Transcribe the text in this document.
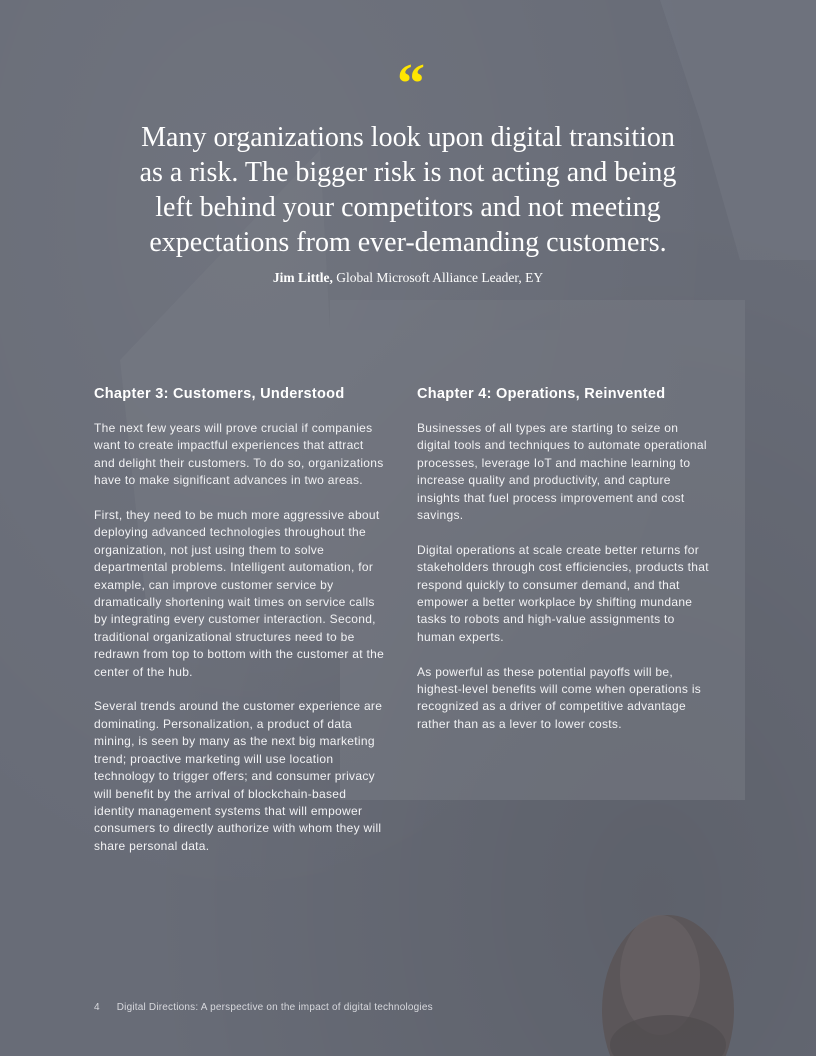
“
Many organizations look upon digital transition as a risk. The bigger risk is not acting and being left behind your competitors and not meeting expectations from ever-demanding customers.
Jim Little, Global Microsoft Alliance Leader, EY
Chapter 3: Customers, Understood

The next few years will prove crucial if companies want to create impactful experiences that attract and delight their customers. To do so, organizations have to make significant advances in two areas.

First, they need to be much more aggressive about deploying advanced technologies throughout the organization, not just using them to solve departmental problems. Intelligent automation, for example, can improve customer service by dramatically shortening wait times on service calls by integrating every customer interaction. Second, traditional organizational structures need to be redrawn from top to bottom with the customer at the center of the hub.

Several trends around the customer experience are dominating. Personalization, a product of data mining, is seen by many as the next big marketing trend; proactive marketing will use location technology to trigger offers; and consumer privacy will benefit by the arrival of blockchain-based identity management systems that will empower consumers to directly authorize with whom they will share personal data.

Chapter 4: Operations, Reinvented

Businesses of all types are starting to seize on digital tools and techniques to automate operational processes, leverage IoT and machine learning to increase quality and productivity, and capture insights that fuel process improvement and cost savings.

Digital operations at scale create better returns for stakeholders through cost efficiencies, products that respond quickly to consumer demand, and that empower a better workplace by shifting mundane tasks to robots and high-value assignments to human experts.

As powerful as these potential payoffs will be, highest-level benefits will come when operations is recognized as a driver of competitive advantage rather than as a lever to lower costs.

4 Digital Directions: A perspective on the impact of digital technologies
